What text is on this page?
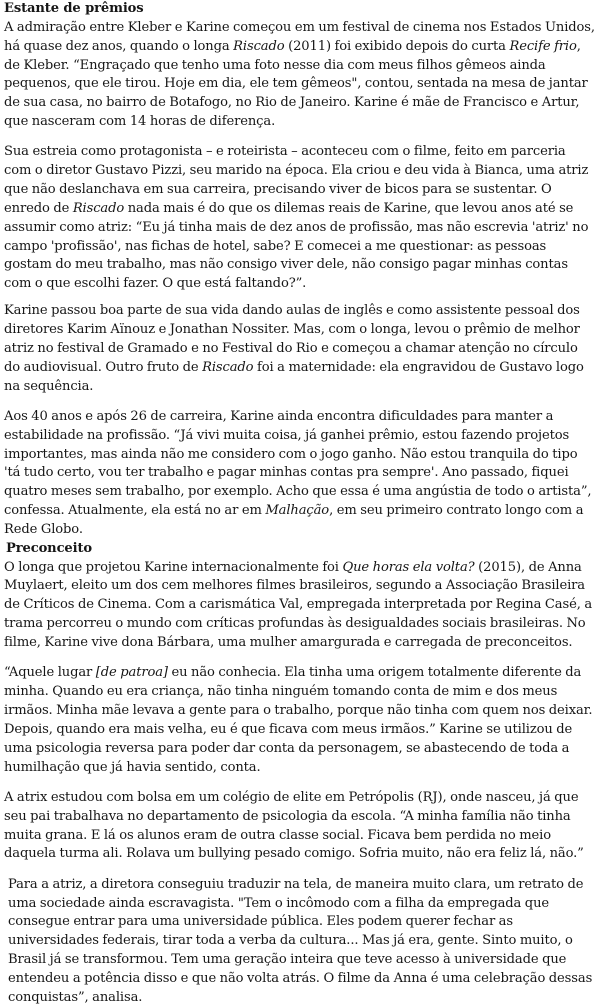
Estante de prêmios

A admiração entre Kleber e Karine começou em um festival de cinema nos Estados Unidos, há quase dez anos, quando o longa Riscado (2011) foi exibido depois do curta Recife frio, de Kleber. “Engraçado que tenho uma foto nesse dia com meus filhos gêmeos ainda pequenos, que ele tirou. Hoje em dia, ele tem gêmeos", contou, sentada na mesa de jantar de sua casa, no bairro de Botafogo, no Rio de Janeiro. Karine é mãe de Francisco e Artur, que nasceram com 14 horas de diferença.

Sua estreia como protagonista – e roteirista – aconteceu com o filme, feito em parceria com o diretor Gustavo Pizzi, seu marido na época. Ela criou e deu vida à Bianca, uma atriz que não deslanchava em sua carreira, precisando viver de bicos para se sustentar. O enredo de Riscado nada mais é do que os dilemas reais de Karine, que levou anos até se assumir como atriz: “Eu já tinha mais de dez anos de profissão, mas não escrevia 'atriz' no campo 'profissão', nas fichas de hotel, sabe? E comecei a me questionar: as pessoas gostam do meu trabalho, mas não consigo viver dele, não consigo pagar minhas contas com o que escolhi fazer. O que está faltando?”.

Karine passou boa parte de sua vida dando aulas de inglês e como assistente pessoal dos diretores Karim Aïnouz e Jonathan Nossiter. Mas, com o longa, levou o prêmio de melhor atriz no festival de Gramado e no Festival do Rio e começou a chamar atenção no círculo do audiovisual. Outro fruto de Riscado foi a maternidade: ela engravidou de Gustavo logo na sequência.

Aos 40 anos e após 26 de carreira, Karine ainda encontra dificuldades para manter a estabilidade na profissão. “Já vivi muita coisa, já ganhei prêmio, estou fazendo projetos importantes, mas ainda não me considero com o jogo ganho. Não estou tranquila do tipo 'tá tudo certo, vou ter trabalho e pagar minhas contas pra sempre'. Ano passado, fiquei quatro meses sem trabalho, por exemplo. Acho que essa é uma angústia de todo o artista”, confessa. Atualmente, ela está no ar em Malhação, em seu primeiro contrato longo com a Rede Globo.

Preconceito

O longa que projetou Karine internacionalmente foi Que horas ela volta? (2015), de Anna Muylaert, eleito um dos cem melhores filmes brasileiros, segundo a Associação Brasileira de Críticos de Cinema. Com a carismática Val, empregada interpretada por Regina Casé, a trama percorreu o mundo com críticas profundas às desigualdades sociais brasileiras. No filme, Karine vive dona Bárbara, uma mulher amargurada e carregada de preconceitos.

“Aquele lugar [de patroa] eu não conhecia. Ela tinha uma origem totalmente diferente da minha. Quando eu era criança, não tinha ninguém tomando conta de mim e dos meus irmãos. Minha mãe levava a gente para o trabalho, porque não tinha com quem nos deixar. Depois, quando era mais velha, eu é que ficava com meus irmãos.” Karine se utilizou de uma psicologia reversa para poder dar conta da personagem, se abastecendo de toda a humilhação que já havia sentido, conta.

A atrix estudou com bolsa em um colégio de elite em Petrópolis (RJ), onde nasceu, já que seu pai trabalhava no departamento de psicologia da escola. “A minha família não tinha muita grana. E lá os alunos eram de outra classe social. Ficava bem perdida no meio daquela turma ali. Rolava um bullying pesado comigo. Sofria muito, não era feliz lá, não.”

Para a atriz, a diretora conseguiu traduzir na tela, de maneira muito clara, um retrato de uma sociedade ainda escravagista. "Tem o incômodo com a filha da empregada que consegue entrar para uma universidade pública. Eles podem querer fechar as universidades federais, tirar toda a verba da cultura... Mas já era, gente. Sinto muito, o Brasil já se transformou. Tem uma geração inteira que teve acesso à universidade que entendeu a potência disso e que não volta atrás. O filme da Anna é uma celebração dessas conquistas”, analisa.
